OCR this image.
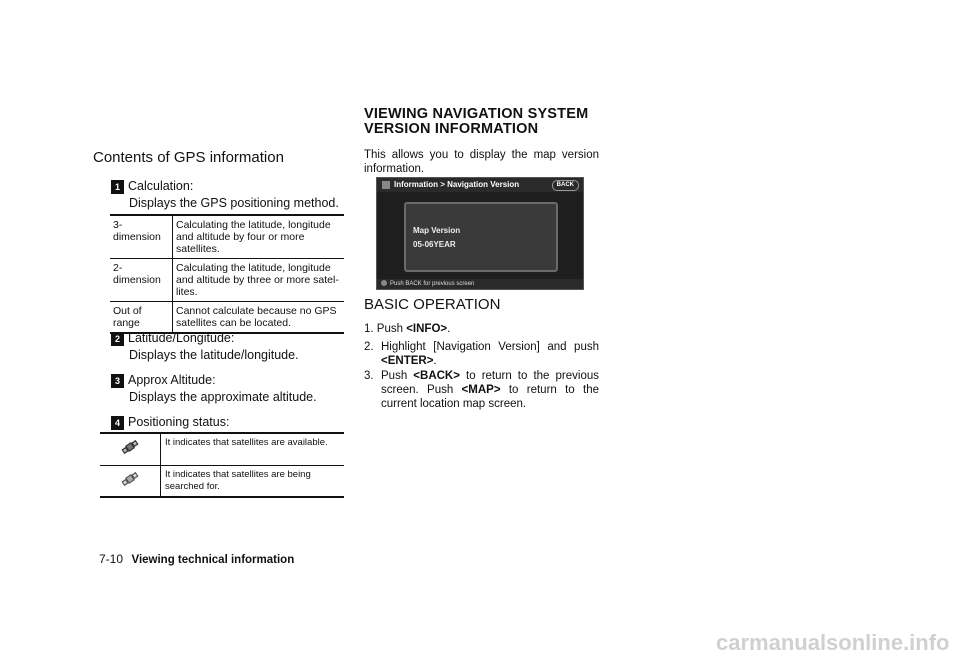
Contents of GPS information
1 Calculation:
Displays the GPS positioning method.
3-dimension	Calculating the latitude, longitude and altitude by four or more satellites.
2-dimension	Calculating the latitude, longitude and altitude by three or more satel-lites.
Out of range	Cannot calculate because no GPS satellites can be located.
2 Latitude/Longitude:
Displays the latitude/longitude.
3 Approx Altitude:
Displays the approximate altitude.
4 Positioning status:
	It indicates that satellites are available.
	It indicates that satellites are being searched for.
VIEWING NAVIGATION SYSTEM
VERSION INFORMATION
This allows you to display the map version information.
Information > Navigation Version	BACK
Map Version
05-06YEAR
Push BACK for previous screen
BASIC OPERATION
1. Push <INFO>.
2. Highlight [Navigation Version] and push <ENTER>.
3. Push <BACK> to return to the previous screen. Push <MAP> to return to the current location map screen.
7-10 Viewing technical information
carmanualsonline.info
